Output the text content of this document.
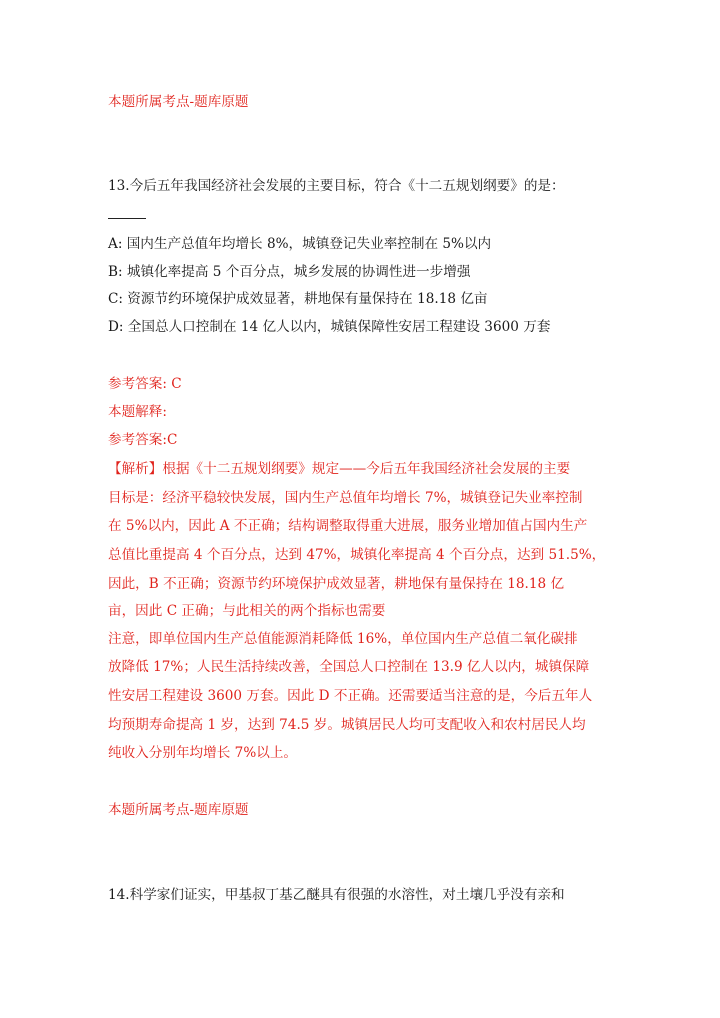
本题所属考点-题库原题
13.今后五年我国经济社会发展的主要目标，符合《十二五规划纲要》的是：
A: 国内生产总值年均增长 8%，城镇登记失业率控制在 5%以内
B: 城镇化率提高 5 个百分点，城乡发展的协调性进一步增强
C: 资源节约环境保护成效显著，耕地保有量保持在 18.18 亿亩
D: 全国总人口控制在 14 亿人以内，城镇保障性安居工程建设 3600 万套
参考答案: C
本题解释:
参考答案:C
【解析】根据《十二五规划纲要》规定——今后五年我国经济社会发展的主要
目标是：经济平稳较快发展，国内生产总值年均增长 7%，城镇登记失业率控制
在 5%以内，因此 A 不正确；结构调整取得重大进展，服务业增加值占国内生产
总值比重提高 4 个百分点，达到 47%，城镇化率提高 4 个百分点，达到 51.5%，
因此，B 不正确；资源节约环境保护成效显著，耕地保有量保持在 18.18 亿
亩，因此 C 正确；与此相关的两个指标也需要
注意，即单位国内生产总值能源消耗降低 16%，单位国内生产总值二氧化碳排
放降低 17%；人民生活持续改善，全国总人口控制在 13.9 亿人以内，城镇保障
性安居工程建设 3600 万套。因此 D 不正确。还需要适当注意的是，今后五年人
均预期寿命提高 1 岁，达到 74.5 岁。城镇居民人均可支配收入和农村居民人均
纯收入分别年均增长 7%以上。
本题所属考点-题库原题
14.科学家们证实，甲基叔丁基乙醚具有很强的水溶性，对土壤几乎没有亲和
